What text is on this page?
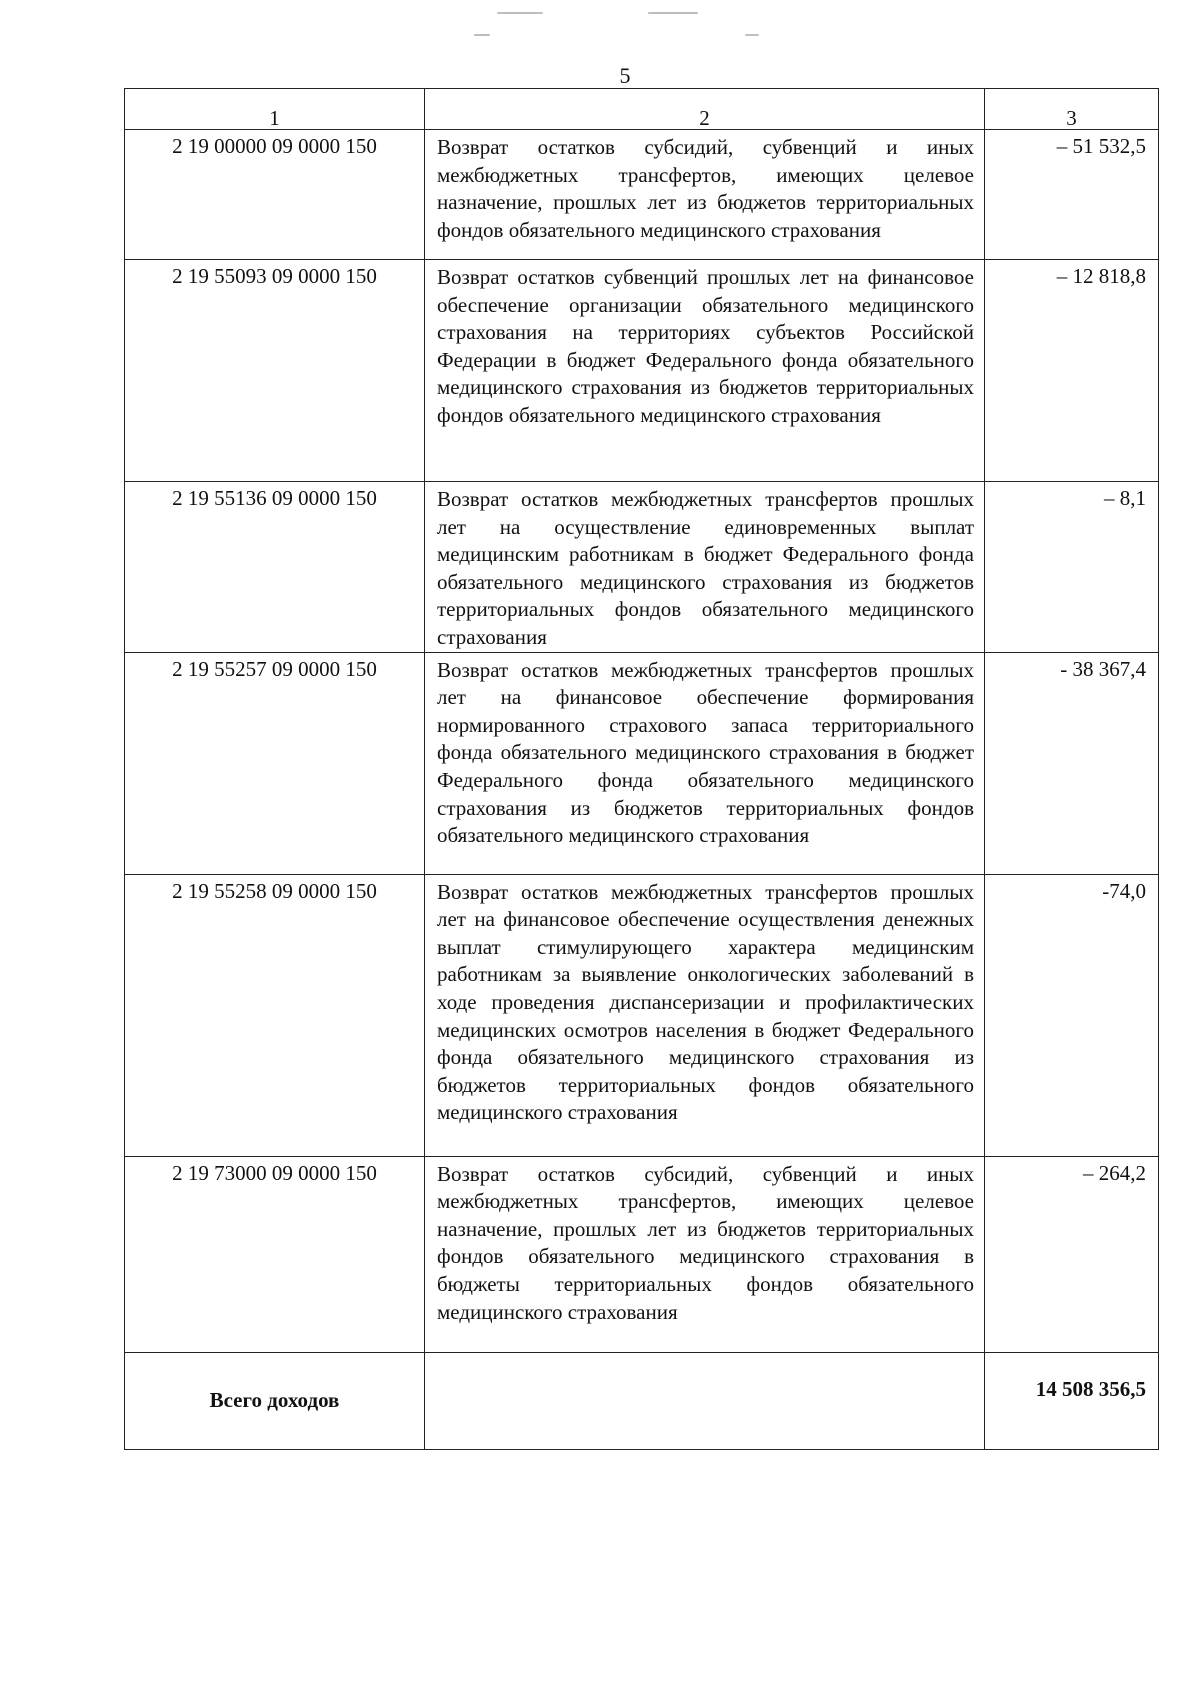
5
1	2	3
2 19 00000 09 0000 150	Возврат остатков субсидий, субвенций и иных межбюджетных трансфертов, имеющих целевое назначение, прошлых лет из бюджетов территориальных фондов обязательного медицинского страхования	– 51 532,5
2 19 55093 09 0000 150	Возврат остатков субвенций прошлых лет на финансовое обеспечение организации обязательного медицинского страхования на территориях субъектов Российской Федерации в бюджет Федерального фонда обязательного медицинского страхования из бюджетов территориальных фондов обязательного медицинского страхования	– 12 818,8
2 19 55136 09 0000 150	Возврат остатков межбюджетных трансфертов прошлых лет на осуществление единовременных выплат медицинским работникам в бюджет Федерального фонда обязательного медицинского страхования из бюджетов территориальных фондов обязательного медицинского страхования	– 8,1
2 19 55257 09 0000 150	Возврат остатков межбюджетных трансфертов прошлых лет на финансовое обеспечение формирования нормированного страхового запаса территориального фонда обязательного медицинского страхования в бюджет Федерального фонда обязательного медицинского страхования из бюджетов территориальных фондов обязательного медицинского страхования	- 38 367,4
2 19 55258 09 0000 150	Возврат остатков межбюджетных трансфертов прошлых лет на финансовое обеспечение осуществления денежных выплат стимулирующего характера медицинским работникам за выявление онкологических заболеваний в ходе проведения диспансеризации и профилактических медицинских осмотров населения в бюджет Федерального фонда обязательного медицинского страхования из бюджетов территориальных фондов обязательного медицинского страхования	-74,0
2 19 73000 09 0000 150	Возврат остатков субсидий, субвенций и иных межбюджетных трансфертов, имеющих целевое назначение, прошлых лет из бюджетов территориальных фондов обязательного медицинского страхования в бюджеты территориальных фондов обязательного медицинского страхования	– 264,2
Всего доходов		14 508 356,5
